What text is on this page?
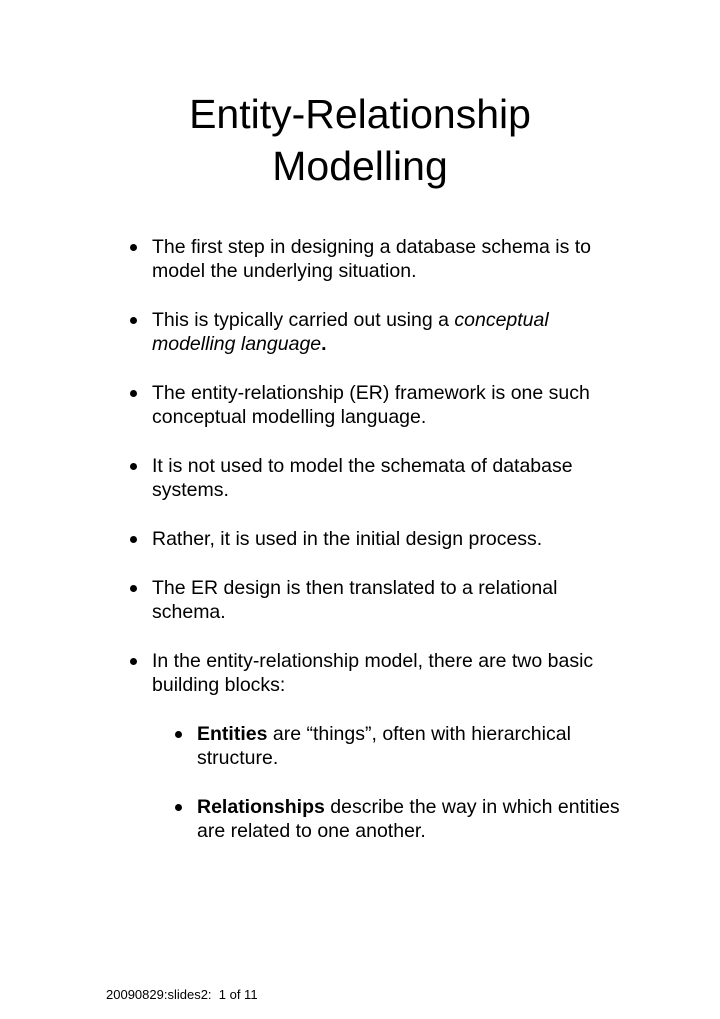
Entity-Relationship
Modelling
The first step in designing a database schema is to model the underlying situation.
This is typically carried out using a conceptual modelling language.
The entity-relationship (ER) framework is one such conceptual modelling language.
It is not used to model the schemata of database systems.
Rather, it is used in the initial design process.
The ER design is then translated to a relational schema.
In the entity-relationship model, there are two basic building blocks:
Entities are “things”, often with hierarchical structure.
Relationships describe the way in which entities are related to one another.
20090829:slides2:  1 of 11
